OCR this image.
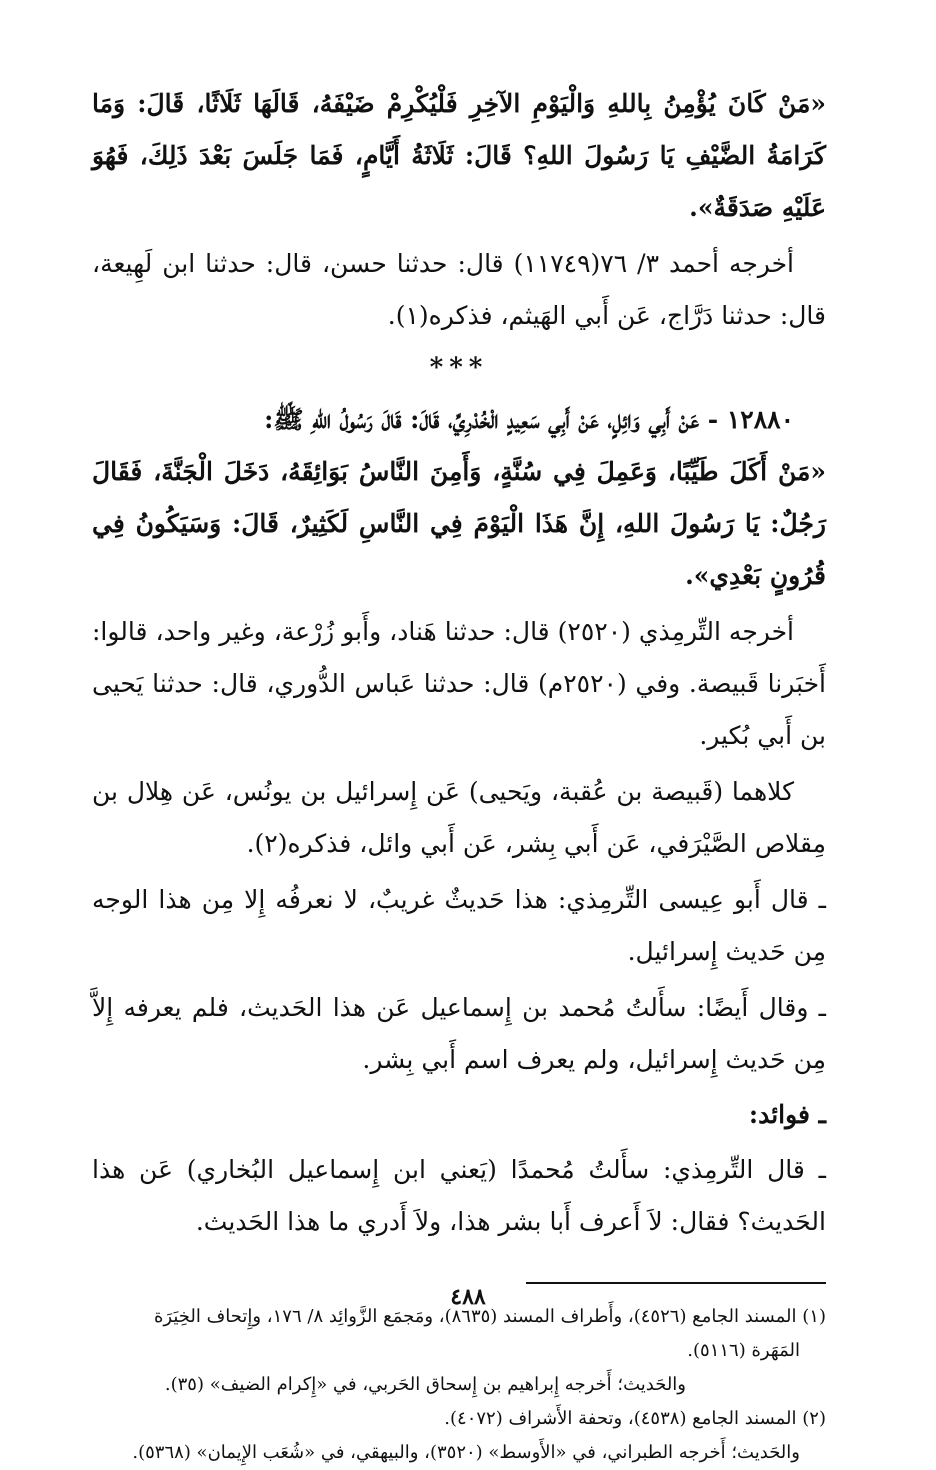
«مَنْ كَانَ يُؤْمِنُ بِاللهِ وَالْيَوْمِ الآخِرِ فَلْيُكْرِمْ ضَيْفَهُ، قَالَهَا ثَلَاثًا، قَالَ: وَمَا كَرَامَةُ الضَّيْفِ يَا رَسُولَ اللهِ؟ قَالَ: ثَلَاثَةُ أَيَّامٍ، فَمَا جَلَسَ بَعْدَ ذَلِكَ، فَهُوَ عَلَيْهِ صَدَقَةٌ».

أخرجه أحمد ٣/ ٧٦(١١٧٤٩) قال: حدثنا حسن، قال: حدثنا ابن لَهِيعة، قال: حدثنا دَرَّاج، عَن أَبي الهَيثم، فذكره(١).

***

١٢٨٨٠ - عَنْ أَبِي وَائِلٍ، عَنْ أَبِي سَعِيدٍ الْخُدْرِيِّ، قَالَ: قَالَ رَسُولُ اللهِ ﷺ:

«مَنْ أَكَلَ طَيِّبًا، وَعَمِلَ فِي سُنَّةٍ، وَأَمِنَ النَّاسُ بَوَائِقَهُ، دَخَلَ الْجَنَّةَ، فَقَالَ رَجُلٌ: يَا رَسُولَ اللهِ، إِنَّ هَذَا الْيَوْمَ فِي النَّاسِ لَكَثِيرٌ، قَالَ: وَسَيَكُونُ فِي قُرُونٍ بَعْدِي».

أخرجه التِّرمِذي (٢٥٢٠) قال: حدثنا هَناد، وأَبو زُرْعة، وغير واحد، قالوا: أَخبَرنا قَبيصة. وفي (٢٥٢٠م) قال: حدثنا عَباس الدُّوري، قال: حدثنا يَحيى بن أَبي بُكير.

كلاهما (قَبيصة بن عُقبة، ويَحيى) عَن إِسرائيل بن يونُس، عَن هِلال بن مِقلاص الصَّيْرَفي، عَن أَبي بِشر، عَن أَبي وائل، فذكره(٢).

ـ قال أَبو عِيسى التِّرمِذي: هذا حَديثٌ غريبٌ، لا نعرفُه إِلا مِن هذا الوجه مِن حَديث إِسرائيل.

ـ وقال أَيضًا: سأَلتُ مُحمد بن إِسماعيل عَن هذا الحَديث، فلم يعرفه إِلاَّ مِن حَديث إِسرائيل، ولم يعرف اسم أَبي بِشر.

ـ فوائد:

ـ قال التِّرمِذي: سأَلتُ مُحمدًا (يَعني ابن إِسماعيل البُخاري) عَن هذا الحَديث؟ فقال: لاَ أَعرف أَبا بشر هذا، ولاَ أَدري ما هذا الحَديث.

(١) المسند الجامع (٤٥٢٦)، وأَطراف المسند (٨٦٣٥)، ومَجمَع الزَّوائِد ٨/ ١٧٦، وإِتحاف الخِيَرَة

المَهَرة (٥١١٦).

والحَديث؛ أَخرجه إِبراهيم بن إِسحاق الحَربي، في «إِكرام الضيف» (٣٥).

(٢) المسند الجامع (٤٥٣٨)، وتحفة الأَشراف (٤٠٧٢).

والحَديث؛ أَخرجه الطبراني، في «الأَوسط» (٣٥٢٠)، والبيهقي، في «شُعَب الإِيمان» (٥٣٦٨).

٤٨٨
